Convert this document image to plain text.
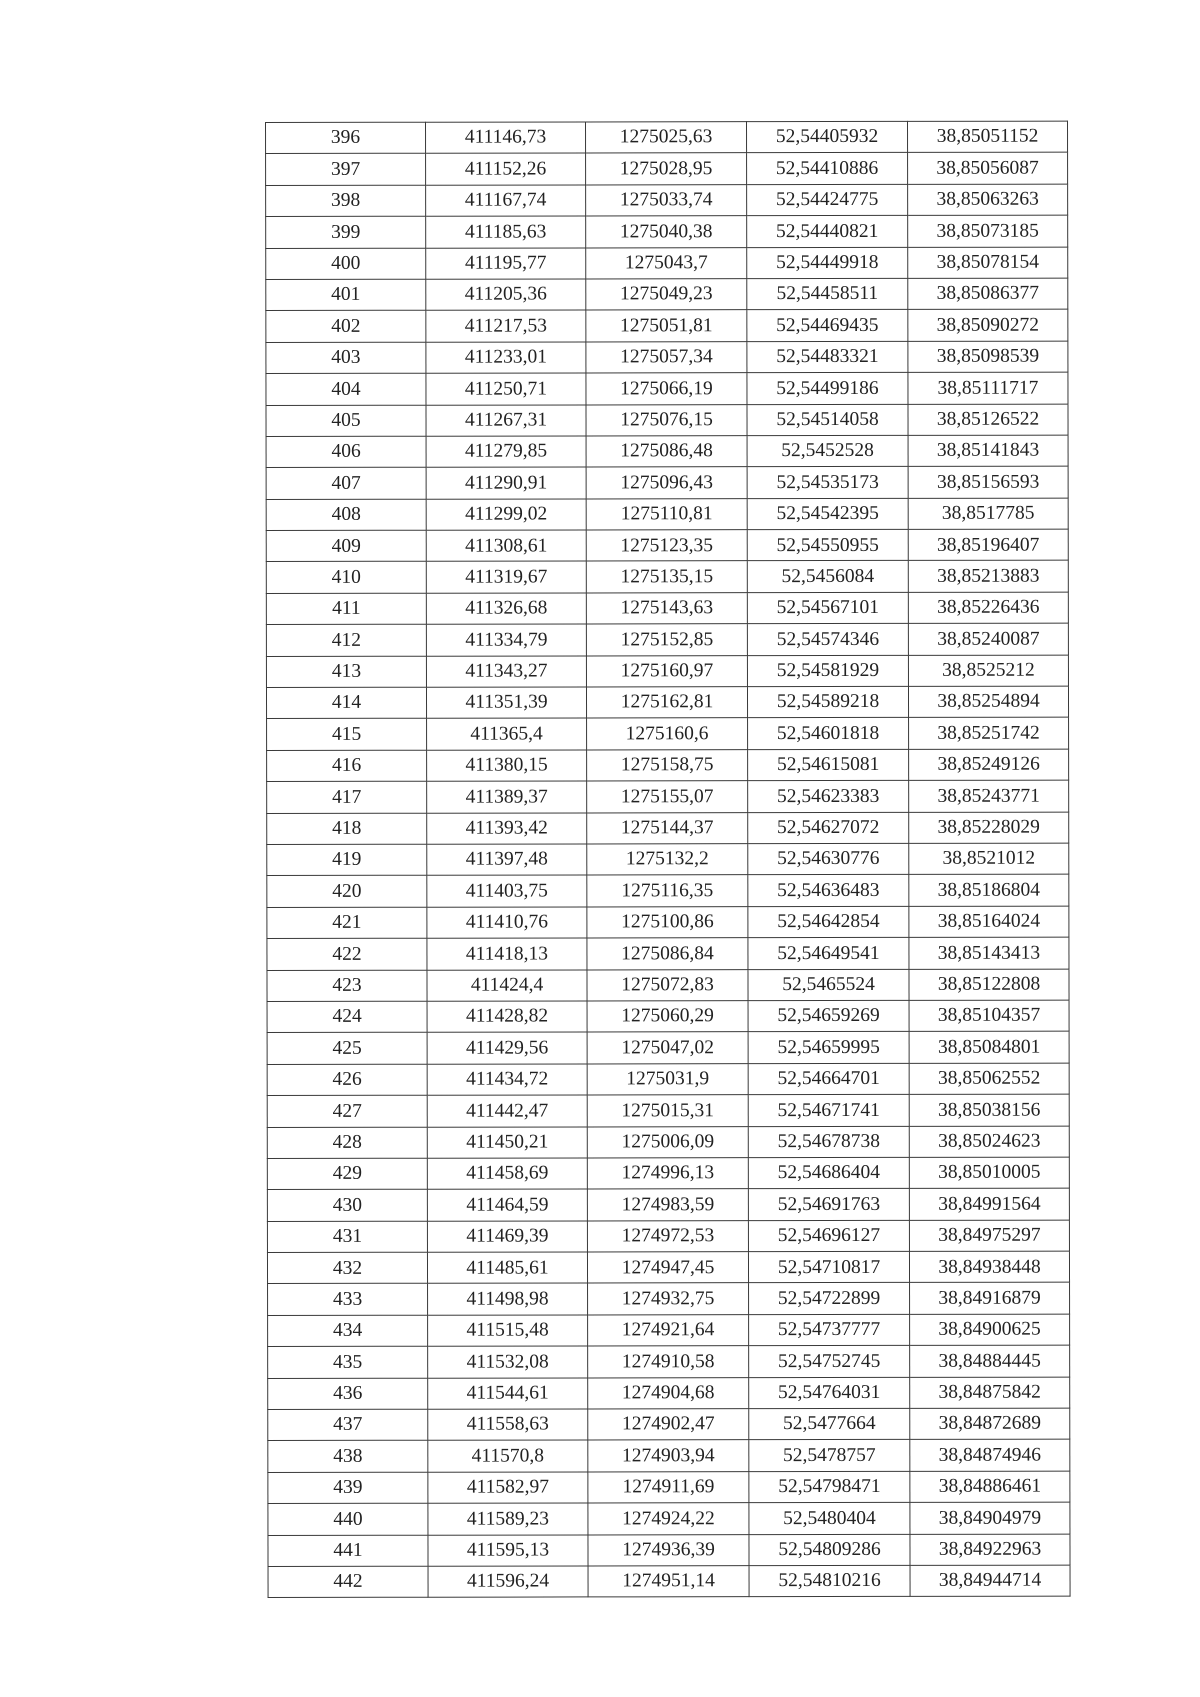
396	411146,73	1275025,63	52,54405932	38,85051152
397	411152,26	1275028,95	52,54410886	38,85056087
398	411167,74	1275033,74	52,54424775	38,85063263
399	411185,63	1275040,38	52,54440821	38,85073185
400	411195,77	1275043,7	52,54449918	38,85078154
401	411205,36	1275049,23	52,54458511	38,85086377
402	411217,53	1275051,81	52,54469435	38,85090272
403	411233,01	1275057,34	52,54483321	38,85098539
404	411250,71	1275066,19	52,54499186	38,85111717
405	411267,31	1275076,15	52,54514058	38,85126522
406	411279,85	1275086,48	52,5452528	38,85141843
407	411290,91	1275096,43	52,54535173	38,85156593
408	411299,02	1275110,81	52,54542395	38,8517785
409	411308,61	1275123,35	52,54550955	38,85196407
410	411319,67	1275135,15	52,5456084	38,85213883
411	411326,68	1275143,63	52,54567101	38,85226436
412	411334,79	1275152,85	52,54574346	38,85240087
413	411343,27	1275160,97	52,54581929	38,8525212
414	411351,39	1275162,81	52,54589218	38,85254894
415	411365,4	1275160,6	52,54601818	38,85251742
416	411380,15	1275158,75	52,54615081	38,85249126
417	411389,37	1275155,07	52,54623383	38,85243771
418	411393,42	1275144,37	52,54627072	38,85228029
419	411397,48	1275132,2	52,54630776	38,8521012
420	411403,75	1275116,35	52,54636483	38,85186804
421	411410,76	1275100,86	52,54642854	38,85164024
422	411418,13	1275086,84	52,54649541	38,85143413
423	411424,4	1275072,83	52,5465524	38,85122808
424	411428,82	1275060,29	52,54659269	38,85104357
425	411429,56	1275047,02	52,54659995	38,85084801
426	411434,72	1275031,9	52,54664701	38,85062552
427	411442,47	1275015,31	52,54671741	38,85038156
428	411450,21	1275006,09	52,54678738	38,85024623
429	411458,69	1274996,13	52,54686404	38,85010005
430	411464,59	1274983,59	52,54691763	38,84991564
431	411469,39	1274972,53	52,54696127	38,84975297
432	411485,61	1274947,45	52,54710817	38,84938448
433	411498,98	1274932,75	52,54722899	38,84916879
434	411515,48	1274921,64	52,54737777	38,84900625
435	411532,08	1274910,58	52,54752745	38,84884445
436	411544,61	1274904,68	52,54764031	38,84875842
437	411558,63	1274902,47	52,5477664	38,84872689
438	411570,8	1274903,94	52,5478757	38,84874946
439	411582,97	1274911,69	52,54798471	38,84886461
440	411589,23	1274924,22	52,5480404	38,84904979
441	411595,13	1274936,39	52,54809286	38,84922963
442	411596,24	1274951,14	52,54810216	38,84944714
